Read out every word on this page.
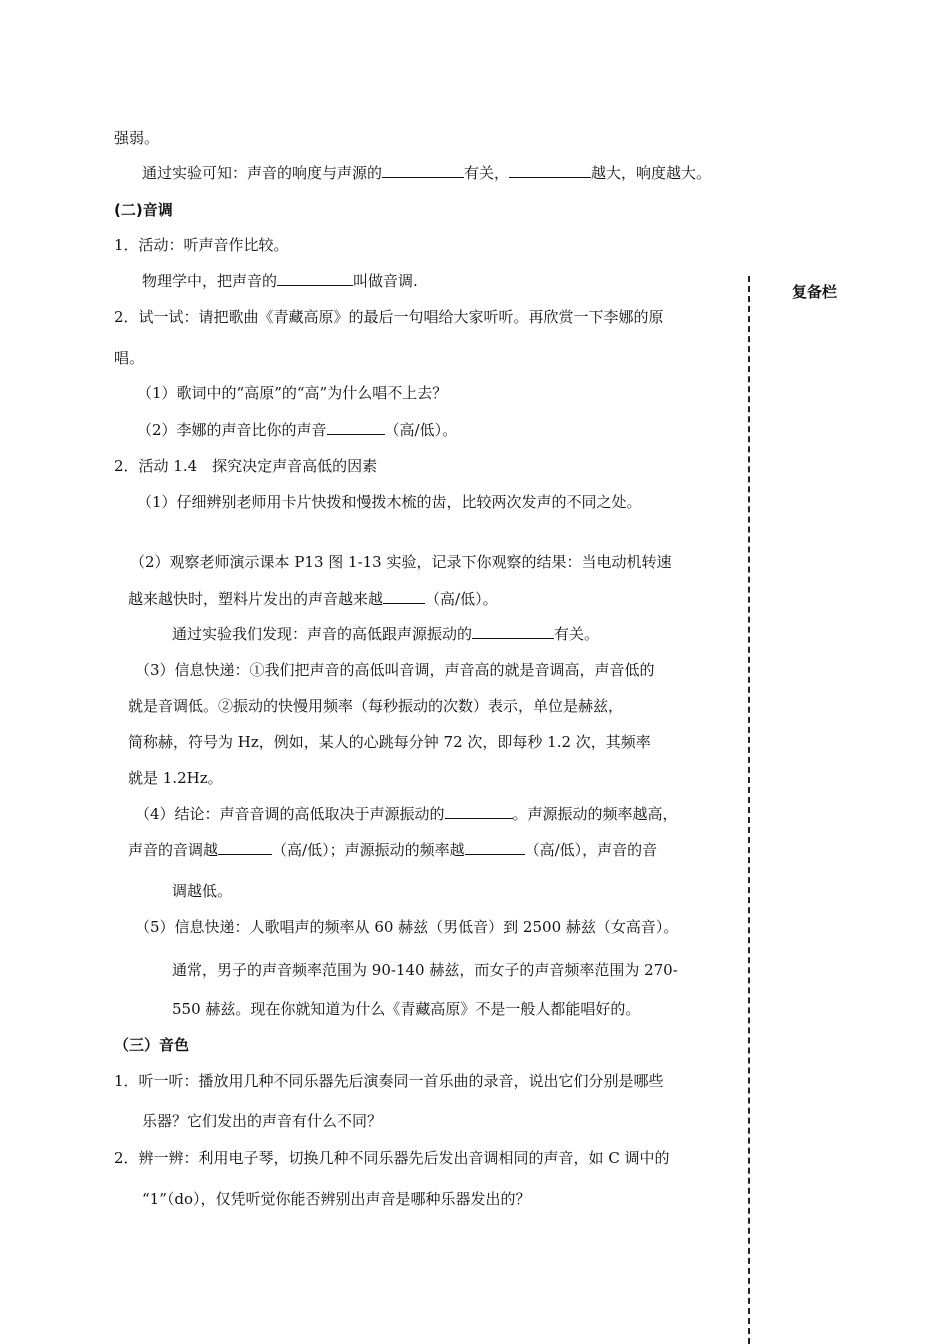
复备栏
强弱。
通过实验可知：声音的响度与声源的	有关，	越大，响度越大。
(二)音调
1．活动：听声音作比较。
物理学中，把声音的	叫做音调.
2．试一试：请把歌曲《青藏高原》的最后一句唱给大家听听。再欣赏一下李娜的原
唱。
（1）歌词中的“高原”的“高”为什么唱不上去？
（2）李娜的声音比你的声音	（高/低）。
2．活动 1.4　探究决定声音高低的因素
（1）仔细辨别老师用卡片快拨和慢拨木梳的齿，比较两次发声的不同之处。
（2）观察老师演示课本 P13 图 1-13 实验，记录下你观察的结果：当电动机转速
越来越快时，塑料片发出的声音越来越	（高/低）。
通过实验我们发现：声音的高低跟声源振动的	有关。
（3）信息快递：①我们把声音的高低叫音调，声音高的就是音调高，声音低的
就是音调低。②振动的快慢用频率（每秒振动的次数）表示，单位是赫兹，
简称赫，符号为 Hz，例如，某人的心跳每分钟 72 次，即每秒 1.2 次，其频率
就是 1.2Hz。
（4）结论：声音音调的高低取决于声源振动的	。声源振动的频率越高，
声音的音调越	（高/低）；声源振动的频率越	（高/低），声音的音
调越低。
（5）信息快递：人歌唱声的频率从 60 赫兹（男低音）到 2500 赫兹（女高音）。
通常，男子的声音频率范围为 90-140 赫兹，而女子的声音频率范围为 270-
550 赫兹。现在你就知道为什么《青藏高原》不是一般人都能唱好的。
（三）音色
1．听一听：播放用几种不同乐器先后演奏同一首乐曲的录音，说出它们分别是哪些
乐器？它们发出的声音有什么不同？
2．辨一辨：利用电子琴，切换几种不同乐器先后发出音调相同的声音，如 C 调中的
“1”（do），仅凭听觉你能否辨别出声音是哪种乐器发出的？
